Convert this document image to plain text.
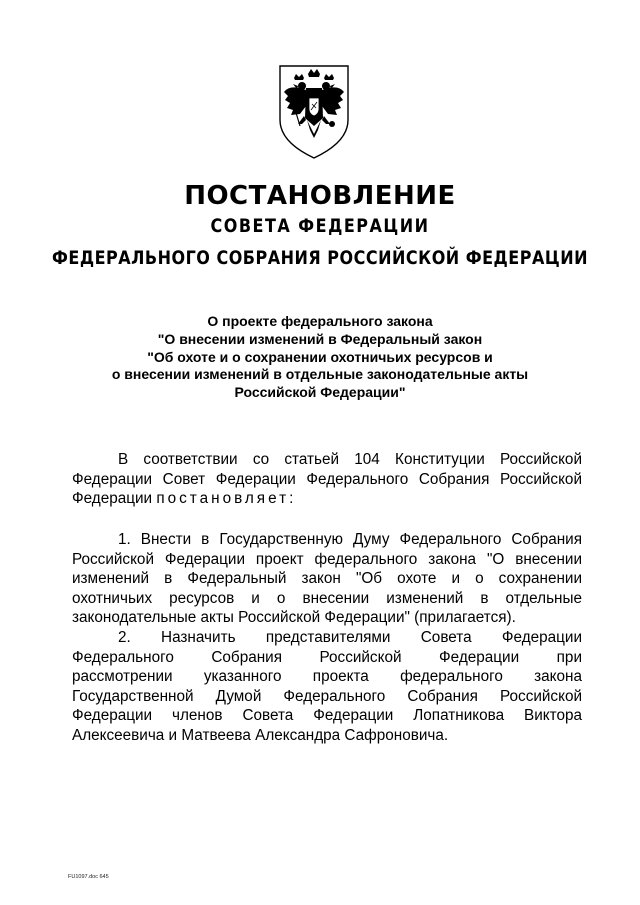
ПОСТАНОВЛЕНИЕ
СОВЕТА ФЕДЕРАЦИИ
ФЕДЕРАЛЬНОГО СОБРАНИЯ РОССИЙСКОЙ ФЕДЕРАЦИИ
О проекте федерального закона
"О внесении изменений в Федеральный закон
"Об охоте и о сохранении охотничьих ресурсов и
о внесении изменений в отдельные законодательные акты
Российской Федерации"
В соответствии со статьей 104 Конституции Российской
Федерации Совет Федерации Федерального Собрания Российской
Федерации постановляет:
1. Внести в Государственную Думу Федерального Собрания
Российской Федерации проект федерального закона "О внесении
изменений в Федеральный закон "Об охоте и о сохранении
охотничьих ресурсов и о внесении изменений в отдельные
законодательные акты Российской Федерации" (прилагается).
2. Назначить представителями Совета Федерации
Федерального Собрания Российской Федерации при
рассмотрении указанного проекта федерального закона
Государственной Думой Федерального Собрания Российской
Федерации членов Совета Федерации Лопатникова Виктора
Алексеевича и Матвеева Александра Сафроновича.
FU1097.doc 645
